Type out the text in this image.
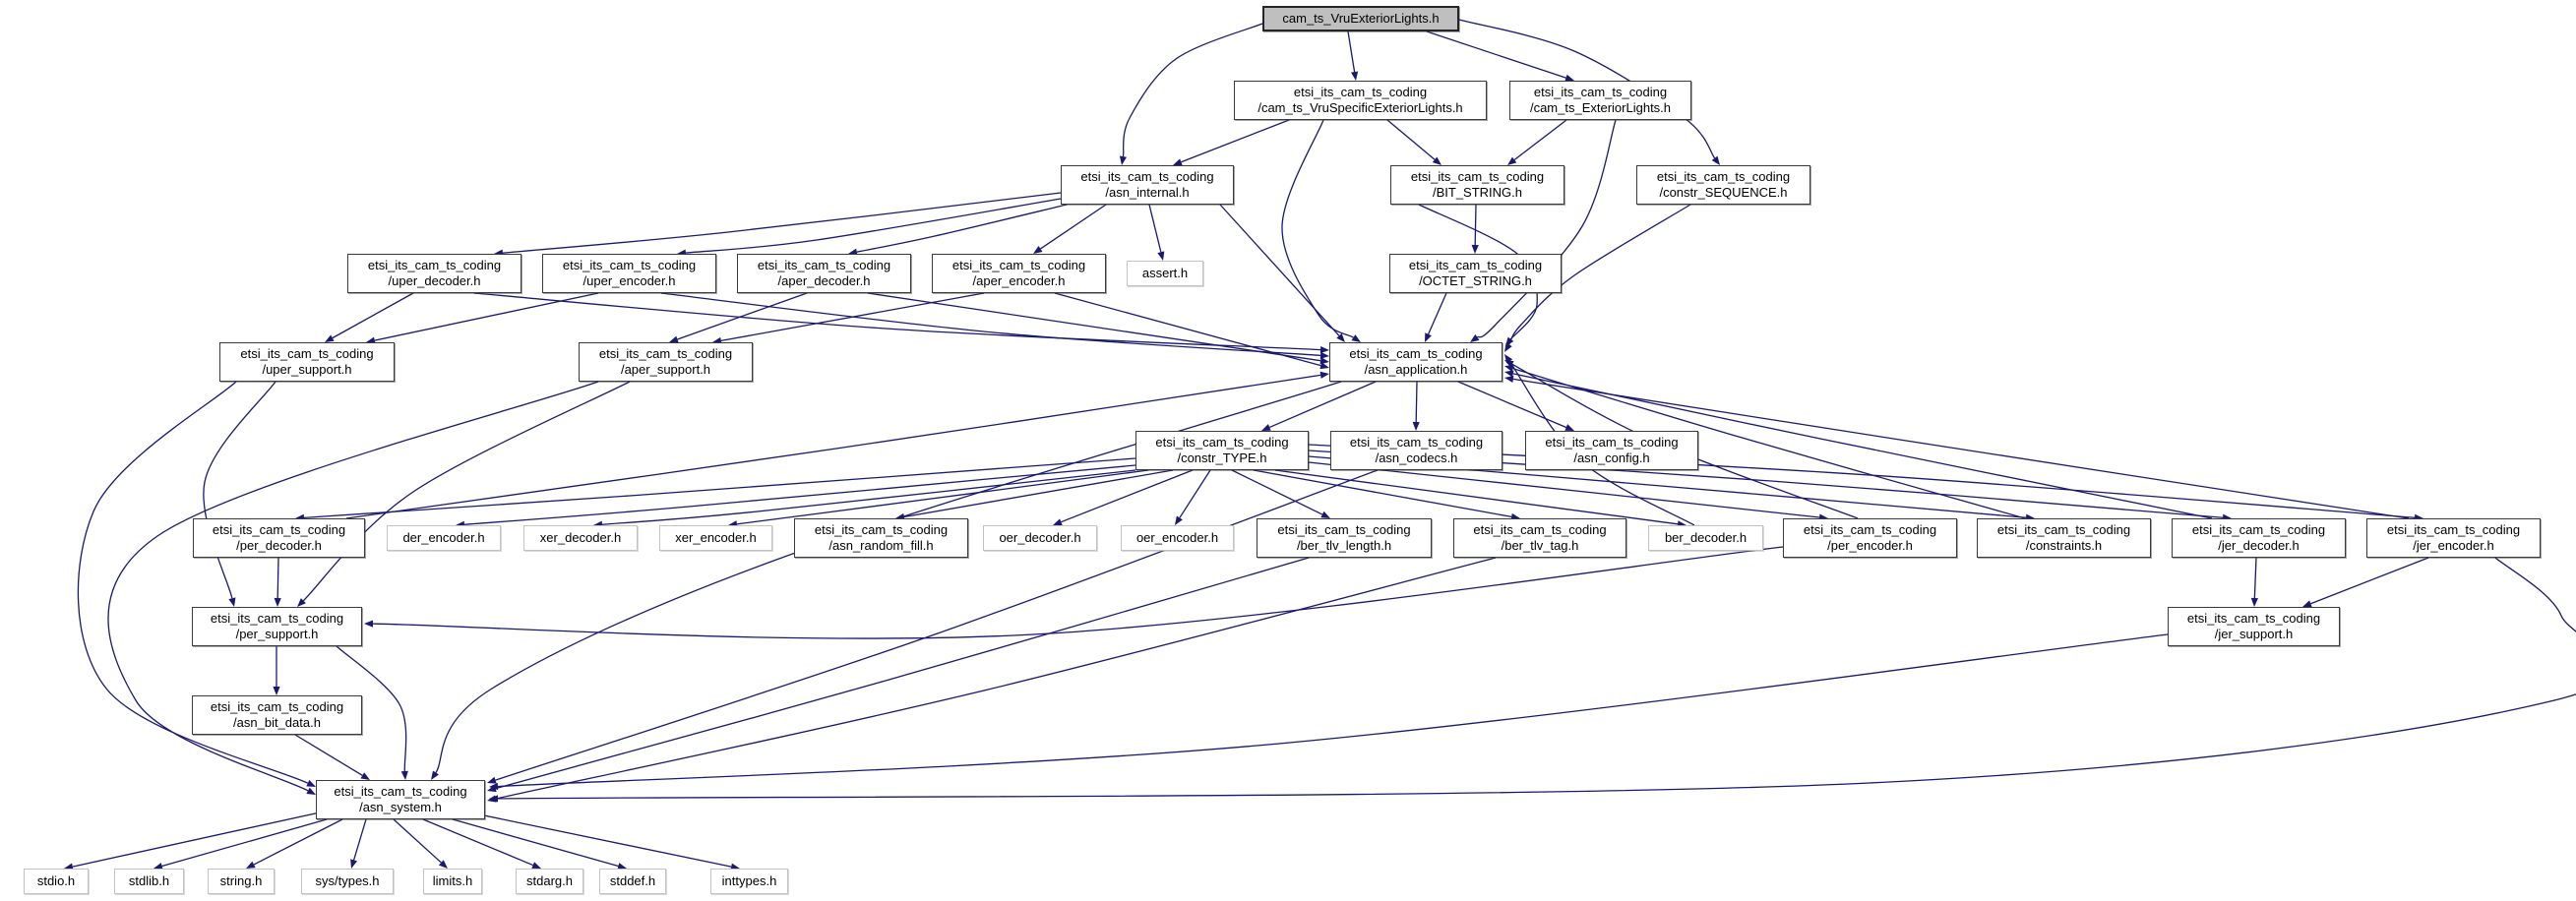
cam_ts_VruExteriorLights.h
etsi_its_cam_ts_coding
/cam_ts_VruSpecificExteriorLights.h
etsi_its_cam_ts_coding
/cam_ts_ExteriorLights.h
etsi_its_cam_ts_coding
/asn_internal.h
etsi_its_cam_ts_coding
/BIT_STRING.h
etsi_its_cam_ts_coding
/constr_SEQUENCE.h
etsi_its_cam_ts_coding
/uper_decoder.h
etsi_its_cam_ts_coding
/uper_encoder.h
etsi_its_cam_ts_coding
/aper_decoder.h
etsi_its_cam_ts_coding
/aper_encoder.h
assert.h
etsi_its_cam_ts_coding
/OCTET_STRING.h
etsi_its_cam_ts_coding
/uper_support.h
etsi_its_cam_ts_coding
/aper_support.h
etsi_its_cam_ts_coding
/asn_application.h
etsi_its_cam_ts_coding
/constr_TYPE.h
etsi_its_cam_ts_coding
/asn_codecs.h
etsi_its_cam_ts_coding
/asn_config.h
etsi_its_cam_ts_coding
/per_decoder.h
der_encoder.h	xer_decoder.h	xer_encoder.h
etsi_its_cam_ts_coding
/asn_random_fill.h
oer_decoder.h	oer_encoder.h
etsi_its_cam_ts_coding
/ber_tlv_length.h
etsi_its_cam_ts_coding
/ber_tlv_tag.h
ber_decoder.h
etsi_its_cam_ts_coding
/per_encoder.h
etsi_its_cam_ts_coding
/constraints.h
etsi_its_cam_ts_coding
/jer_decoder.h
etsi_its_cam_ts_coding
/jer_encoder.h
etsi_its_cam_ts_coding
/per_support.h
etsi_its_cam_ts_coding
/jer_support.h
etsi_its_cam_ts_coding
/asn_bit_data.h
etsi_its_cam_ts_coding
/asn_system.h
stdio.h	stdlib.h	string.h	sys/types.h	limits.h	stdarg.h	stddef.h	inttypes.h
